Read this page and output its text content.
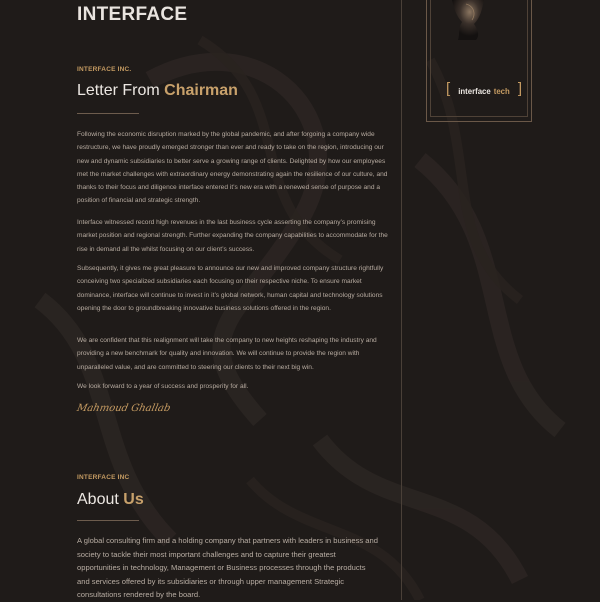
INTERFACE
[ interface tech ]
INTERFACE INC.
Letter From Chairman
Following the economic disruption marked by the global pandemic, and after forgoing a company wide restructure, we have proudly emerged stronger than ever and ready to take on the region, introducing our new and dynamic subsidiaries to better serve a growing range of clients. Delighted by how our employees met the market challenges with extraordinary energy demonstrating again the resilience of our culture, and thanks to their focus and diligence interface entered it’s new era with a renewed sense of purpose and a position of financial and strategic strength.
Interface witnessed record high revenues in the last business cycle asserting the company’s promising market position and regional strength. Further expanding the company capabilities to accommodate for the rise in demand all the whilst focusing on our client’s success.
Subsequently, it gives me great pleasure to announce our new and improved company structure rightfully conceiving two specialized subsidiaries each focusing on their respective niche. To ensure market dominance, interface will continue to invest in it’s global network, human capital and technology solutions opening the door to groundbreaking innovative business solutions offered in the region.
We are confident that this realignment will take the company to new heights reshaping the industry and providing a new benchmark for quality and innovation. We will continue to provide the region with unparalleled value, and are committed to steering our clients to their next big win.
We look forward to a year of success and prosperity for all.
Mahmoud Ghallab
INTERFACE INC
About Us
A global consulting firm and a holding company that partners with leaders in business and society to tackle their most important challenges and to capture their greatest opportunities in technology, Management or Business processes through the products and services offered by its subsidiaries or through upper management Strategic consultations rendered by the board.
